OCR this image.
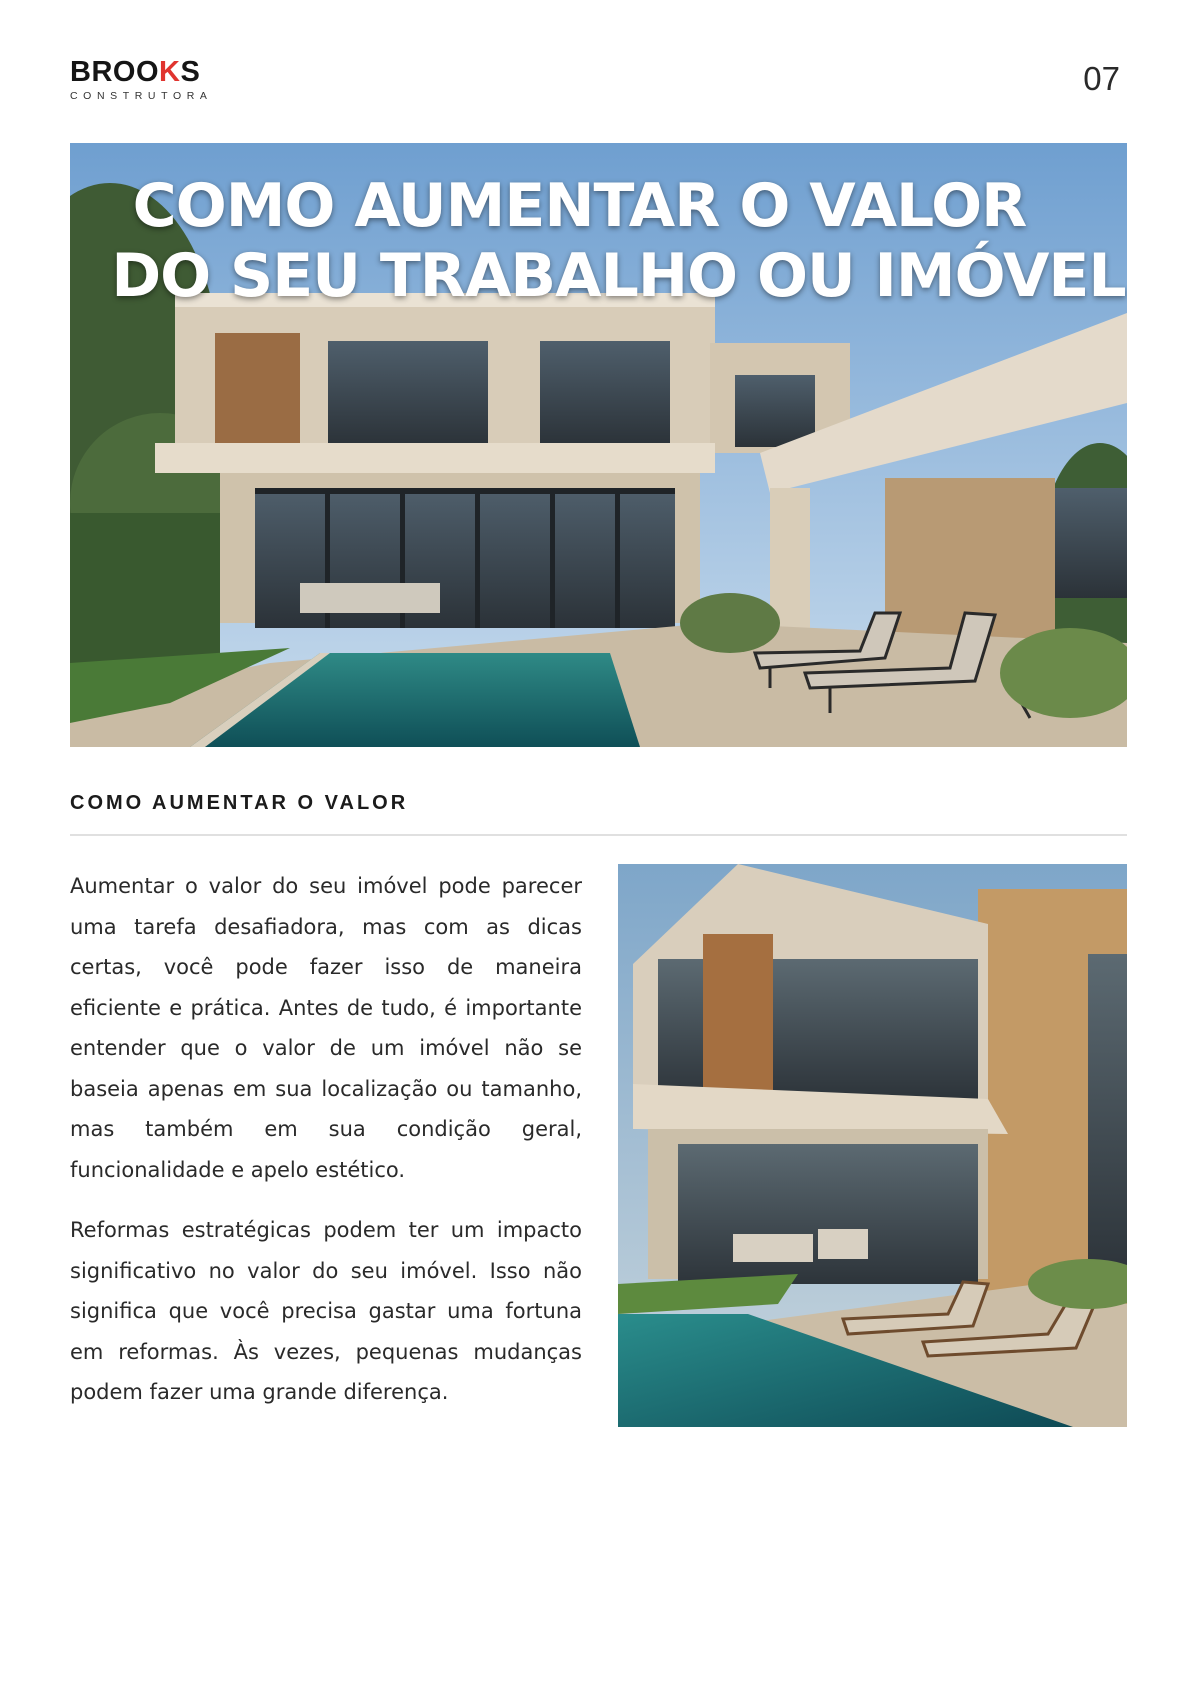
BROOKS
CONSTRUTORA	07
COMO AUMENTAR O VALOR
DO SEU TRABALHO OU IMÓVEL
COMO AUMENTAR O VALOR

Aumentar o valor do seu imóvel pode parecer uma tarefa desafiadora, mas com as dicas certas, você pode fazer isso de maneira eficiente e prática. Antes de tudo, é importante entender que o valor de um imóvel não se baseia apenas em sua localização ou tamanho, mas também em sua condição geral, funcionalidade e apelo estético.

Reformas estratégicas podem ter um impacto significativo no valor do seu imóvel. Isso não significa que você precisa gastar uma fortuna em reformas. Às vezes, pequenas mudanças podem fazer uma grande diferença.
